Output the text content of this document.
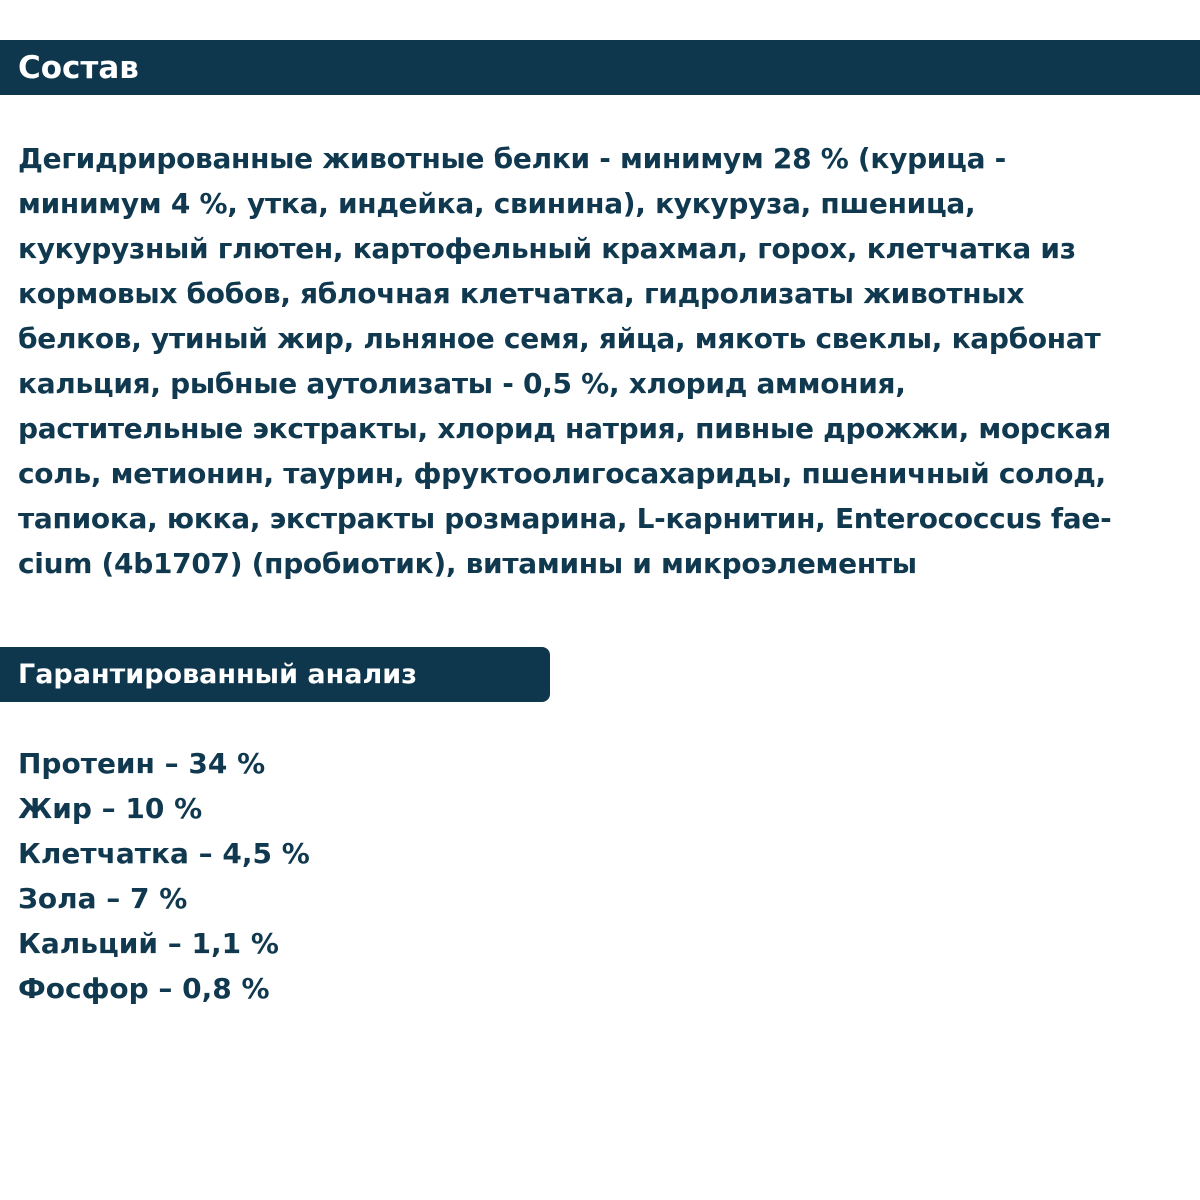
Состав

Дегидрированные животные белки - минимум 28 % (курица -
минимум 4 %, утка, индейка, свинина), кукуруза, пшеница,
кукурузный глютен, картофельный крахмал, горох, клетчатка из
кормовых бобов, яблочная клетчатка, гидролизаты животных
белков, утиный жир, льняное семя, яйца, мякоть свеклы, карбонат
кальция, рыбные аутолизаты - 0,5 %, хлорид аммония,
растительные экстракты, хлорид натрия, пивные дрожжи, морская
соль, метионин, таурин, фруктоолигосахариды, пшеничный солод,
тапиока, юкка, экстракты розмарина, L-карнитин, Enterococcus fae-
cium (4b1707) (пробиотик), витамины и микроэлементы

Гарантированный анализ
Протеин – 34 %
Жир – 10 %
Клетчатка – 4,5 %
Зола – 7 %
Кальций – 1,1 %
Фосфор – 0,8 %
